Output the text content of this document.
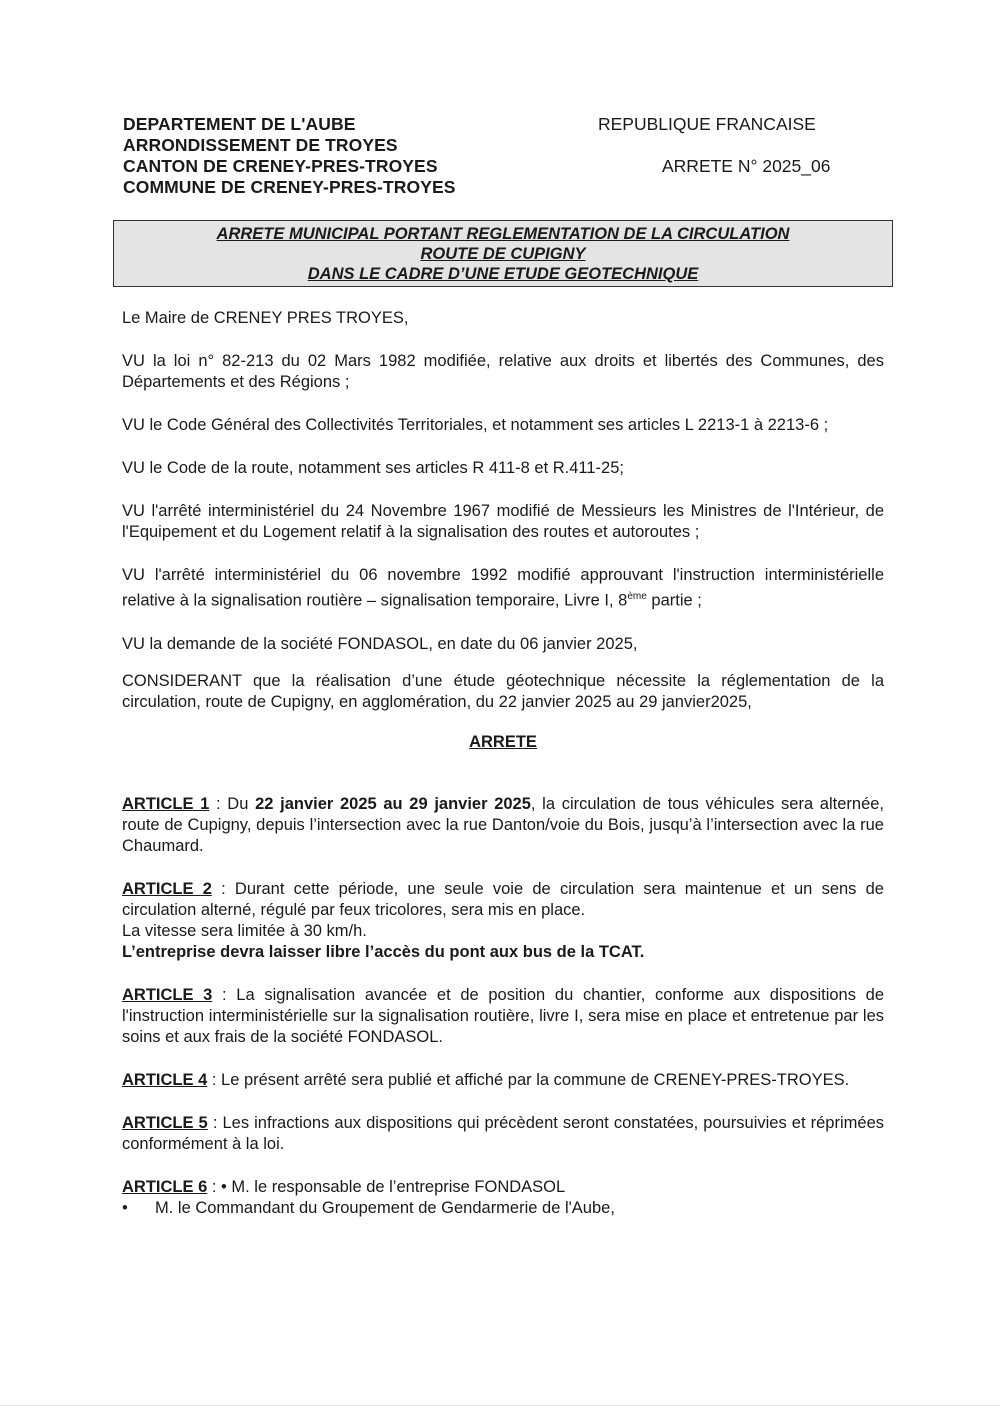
DEPARTEMENT DE L'AUBE
ARRONDISSEMENT DE TROYES
CANTON DE CRENEY-PRES-TROYES
COMMUNE DE CRENEY-PRES-TROYES
REPUBLIQUE FRANCAISE
ARRETE N° 2025_06
ARRETE MUNICIPAL PORTANT REGLEMENTATION DE LA CIRCULATION
ROUTE DE CUPIGNY
DANS LE CADRE D’UNE ETUDE GEOTECHNIQUE

Le Maire de CRENEY PRES TROYES,

VU la loi n° 82-213 du 02 Mars 1982 modifiée, relative aux droits et libertés des Communes, des Départements et des Régions ;

VU le Code Général des Collectivités Territoriales, et notamment ses articles L 2213-1 à 2213-6 ;

VU le Code de la route, notamment ses articles R 411-8 et R.411-25;

VU l'arrêté interministériel du 24 Novembre 1967 modifié de Messieurs les Ministres de l'Intérieur, de l'Equipement et du Logement relatif à la signalisation des routes et autoroutes ;

VU l'arrêté interministériel du 06 novembre 1992 modifié approuvant l'instruction interministérielle relative à la signalisation routière – signalisation temporaire, Livre I, 8ème partie ;

VU la demande de la société FONDASOL, en date du 06 janvier 2025,

CONSIDERANT que la réalisation d’une étude géotechnique nécessite la réglementation de la circulation, route de Cupigny, en agglomération, du 22 janvier 2025 au 29 janvier2025,

ARRETE

ARTICLE 1 : Du 22 janvier 2025 au 29 janvier 2025, la circulation de tous véhicules sera alternée, route de Cupigny, depuis l’intersection avec la rue Danton/voie du Bois, jusqu’à l’intersection avec la rue Chaumard.

ARTICLE 2 : Durant cette période, une seule voie de circulation sera maintenue et un sens de circulation alterné, régulé par feux tricolores, sera mis en place.

La vitesse sera limitée à 30 km/h.

L’entreprise devra laisser libre l’accès du pont aux bus de la TCAT.

ARTICLE 3 : La signalisation avancée et de position du chantier, conforme aux dispositions de l'instruction interministérielle sur la signalisation routière, livre I, sera mise en place et entretenue par les soins et aux frais de la société FONDASOL.

ARTICLE 4 : Le présent arrêté sera publié et affiché par la commune de CRENEY-PRES-TROYES.

ARTICLE 5 : Les infractions aux dispositions qui précèdent seront constatées, poursuivies et réprimées conformément à la loi.

ARTICLE 6 : • M. le responsable de l’entreprise FONDASOL

• M. le Commandant du Groupement de Gendarmerie de l'Aube,
